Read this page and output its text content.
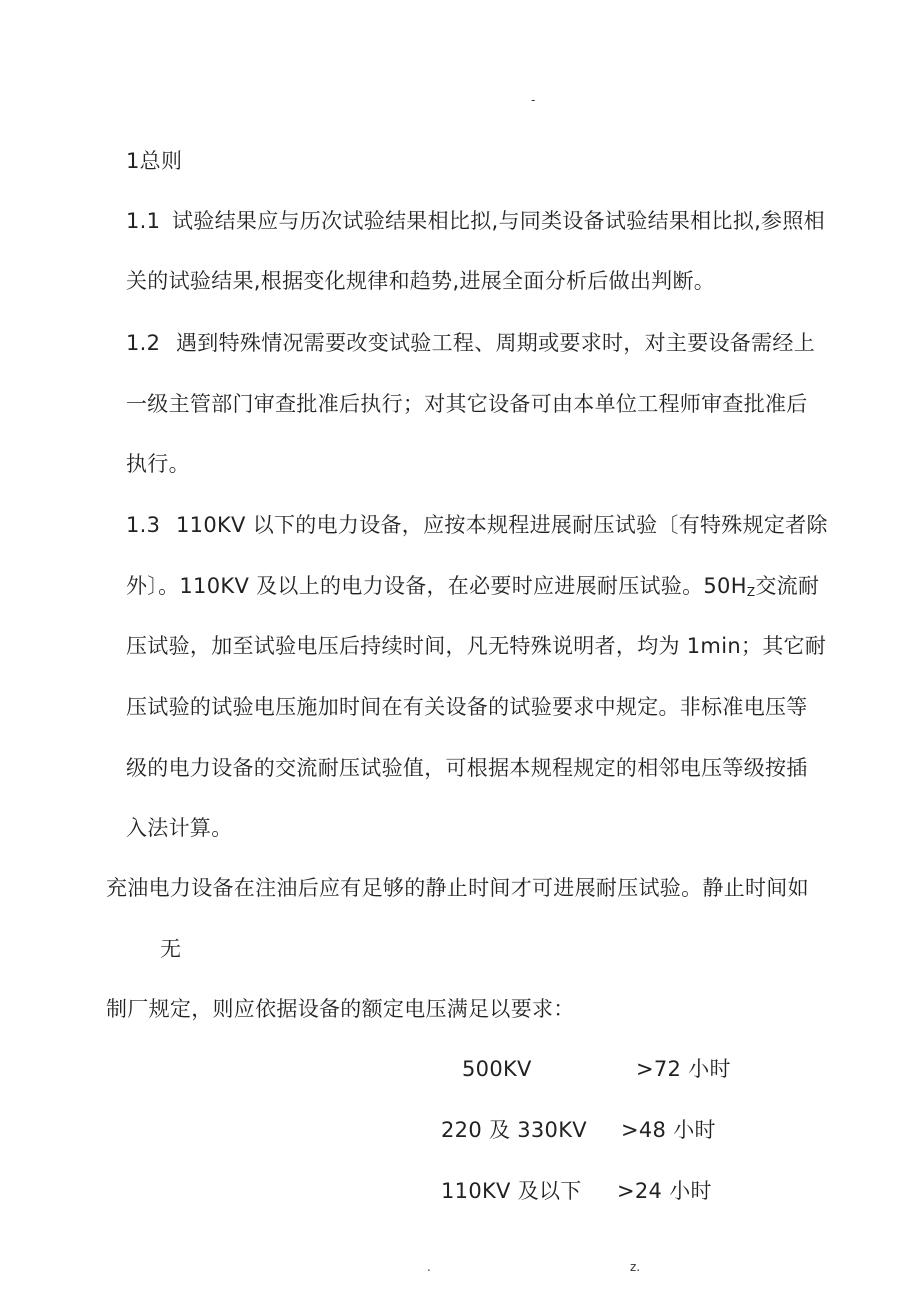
-
1总则
1.1 试验结果应与历次试验结果相比拟,与同类设备试验结果相比拟,参照相
关的试验结果,根据变化规律和趋势,进展全面分析后做出判断。
1.2 遇到特殊情况需要改变试验工程、周期或要求时，对主要设备需经上
一级主管部门审查批准后执行；对其它设备可由本单位工程师审查批准后
执行。
1.3 110KV 以下的电力设备，应按本规程进展耐压试验〔有特殊规定者除
外〕。110KV 及以上的电力设备，在必要时应进展耐压试验。$50H_Z$交流耐
压试验，加至试验电压后持续时间，凡无特殊说明者，均为 1min；其它耐
压试验的试验电压施加时间在有关设备的试验要求中规定。非标准电压等
级的电力设备的交流耐压试验值，可根据本规程规定的相邻电压等级按插
入法计算。
充油电力设备在注油后应有足够的静止时间才可进展耐压试验。静止时间如
无
制厂规定，则应依据设备的额定电压满足以要求：
500KV	>72 小时
220 及 330KV >48 小时
110KV 及以下 >24 小时
.	z.
